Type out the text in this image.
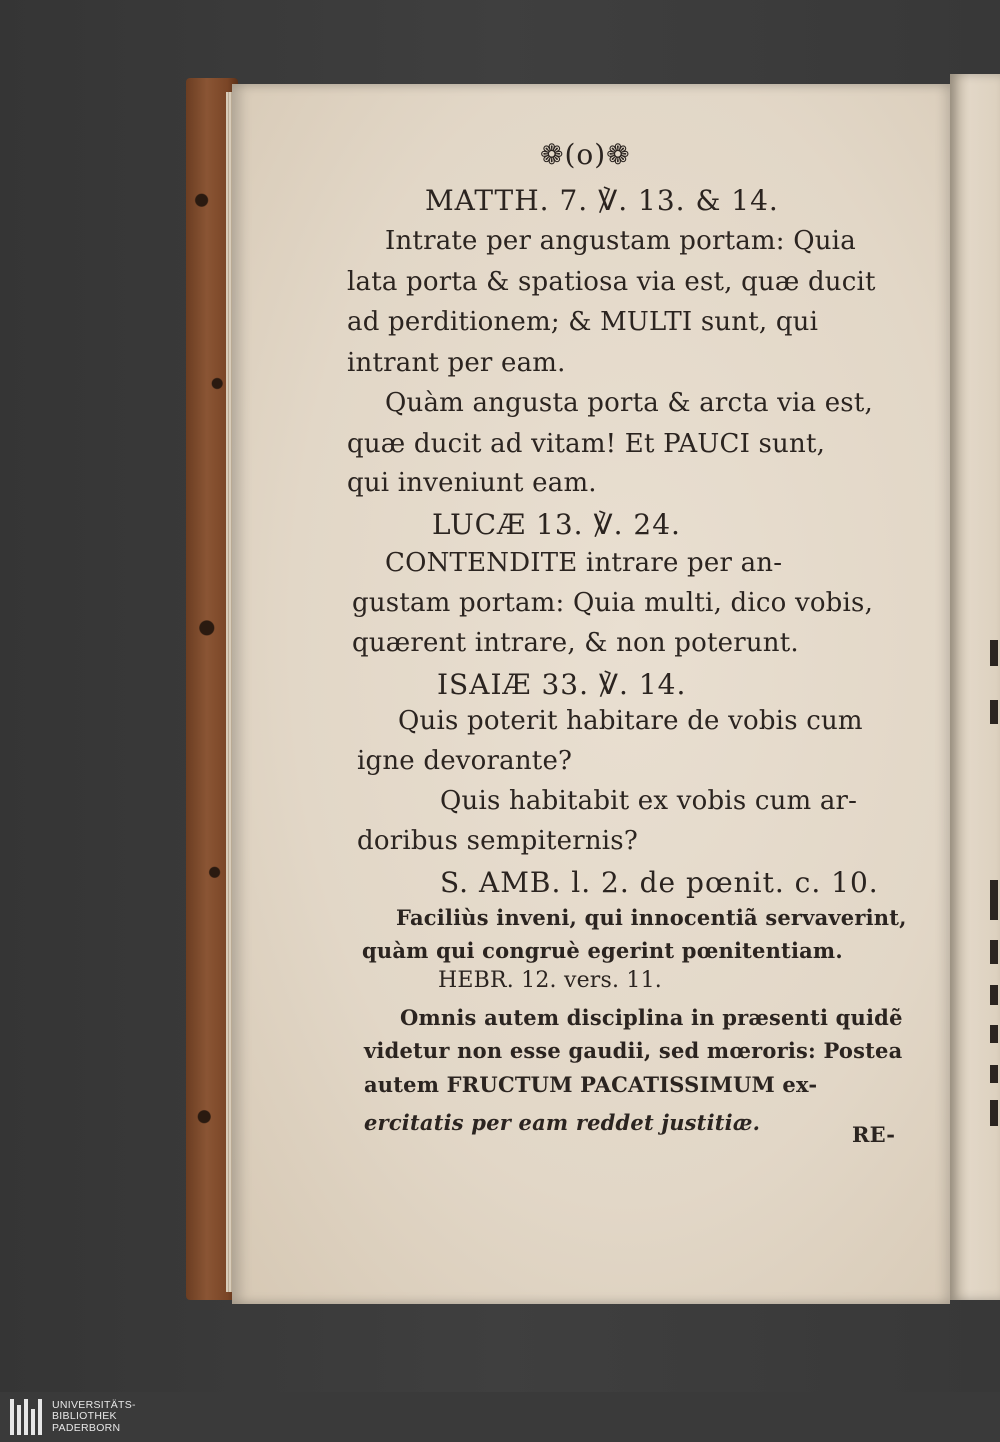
❁(o)❁
MATTH. 7. ℣. 13. & 14.
Intrate per angustam portam: Quia
lata porta & spatiosa via est, quæ ducit
ad perditionem; & MULTI sunt, qui
intrant per eam.
Quàm angusta porta & arcta via est,
quæ ducit ad vitam! Et PAUCI sunt,
qui inveniunt eam.
LUCÆ 13. ℣. 24.
CONTENDITE intrare per an-
gustam portam: Quia multi, dico vobis,
quærent intrare, & non poterunt.
ISAIÆ 33. ℣. 14.
Quis poterit habitare de vobis cum
igne devorante?
Quis habitabit ex vobis cum ar-
doribus sempiternis?
S. AMB. l. 2. de pœnit. c. 10.
Faciliùs inveni, qui innocentiã servaverint,
quàm qui congruè egerint pœnitentiam.
HEBR. 12. vers. 11.
Omnis autem disciplina in præsenti quidẽ
videtur non esse gaudii, sed mœroris: Postea
autem FRUCTUM PACATISSIMUM ex-
ercitatis per eam reddet justitiæ.	RE-
UNIVERSITÄTS-
BIBLIOTHEK
PADERBORN
